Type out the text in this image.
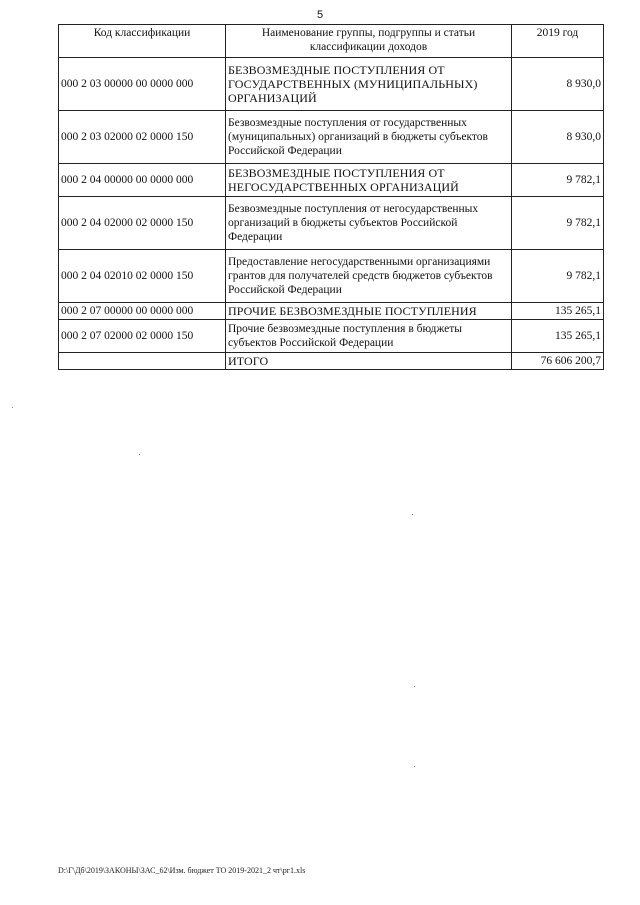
5
Код классификации	Наименование группы, подгруппы и статьи классификации доходов	2019 год
000 2 03 00000 00 0000 000	БЕЗВОЗМЕЗДНЫЕ ПОСТУПЛЕНИЯ ОТ ГОСУДАРСТВЕННЫХ (МУНИЦИПАЛЬНЫХ) ОРГАНИЗАЦИЙ	8 930,0
000 2 03 02000 02 0000 150	Безвозмездные поступления от государственных (муниципальных) организаций в бюджеты субъектов Российской Федерации	8 930,0
000 2 04 00000 00 0000 000	БЕЗВОЗМЕЗДНЫЕ ПОСТУПЛЕНИЯ ОТ НЕГОСУДАРСТВЕННЫХ ОРГАНИЗАЦИЙ	9 782,1
000 2 04 02000 02 0000 150	Безвозмездные поступления от негосударственных организаций в бюджеты субъектов Российской Федерации	9 782,1
000 2 04 02010 02 0000 150	Предоставление негосударственными организациями грантов для получателей средств бюджетов субъектов Российской Федерации	9 782,1
000 2 07 00000 00 0000 000	ПРОЧИЕ БЕЗВОЗМЕЗДНЫЕ ПОСТУПЛЕНИЯ	135 265,1
000 2 07 02000 02 0000 150	Прочие безвозмездные поступления в бюджеты субъектов Российской Федерации	135 265,1
	ИТОГО	76 606 200,7
D:\Г\Дб\2019\ЗАКОНЫ\ЗАС_62\Изм. бюджет ТО 2019-2021_2 чт\рг1.xls
